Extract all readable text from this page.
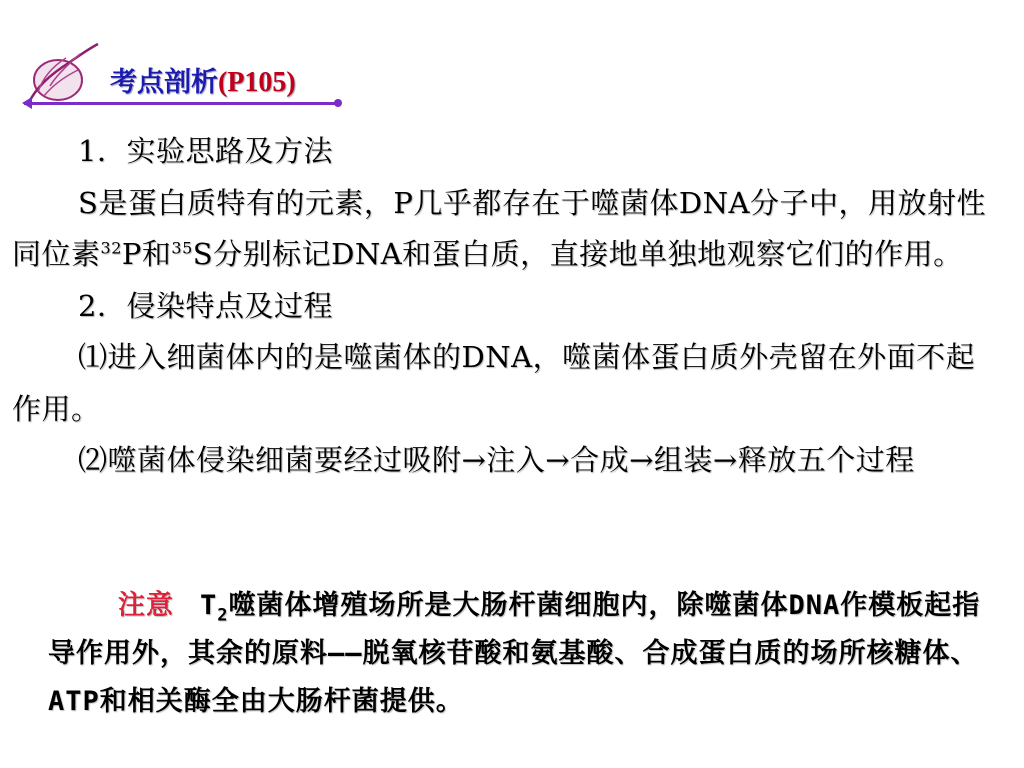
考点剖析(P105)

1．实验思路及方法

S是蛋白质特有的元素，P几乎都存在于噬菌体DNA分子中，用放射性同位素$^{32}$P和$^{35}$S分别标记DNA和蛋白质，直接地单独地观察它们的作用。

2．侵染特点及过程

⑴进入细菌体内的是噬菌体的DNA，噬菌体蛋白质外壳留在外面不起作用。

⑵噬菌体侵染细菌要经过吸附→注入→合成→组装→释放五个过程

注意 $T_2$噬菌体增殖场所是大肠杆菌细胞内，除噬菌体DNA作模板起指导作用外，其余的原料——脱氧核苷酸和氨基酸、合成蛋白质的场所核糖体、ATP和相关酶全由大肠杆菌提供。
